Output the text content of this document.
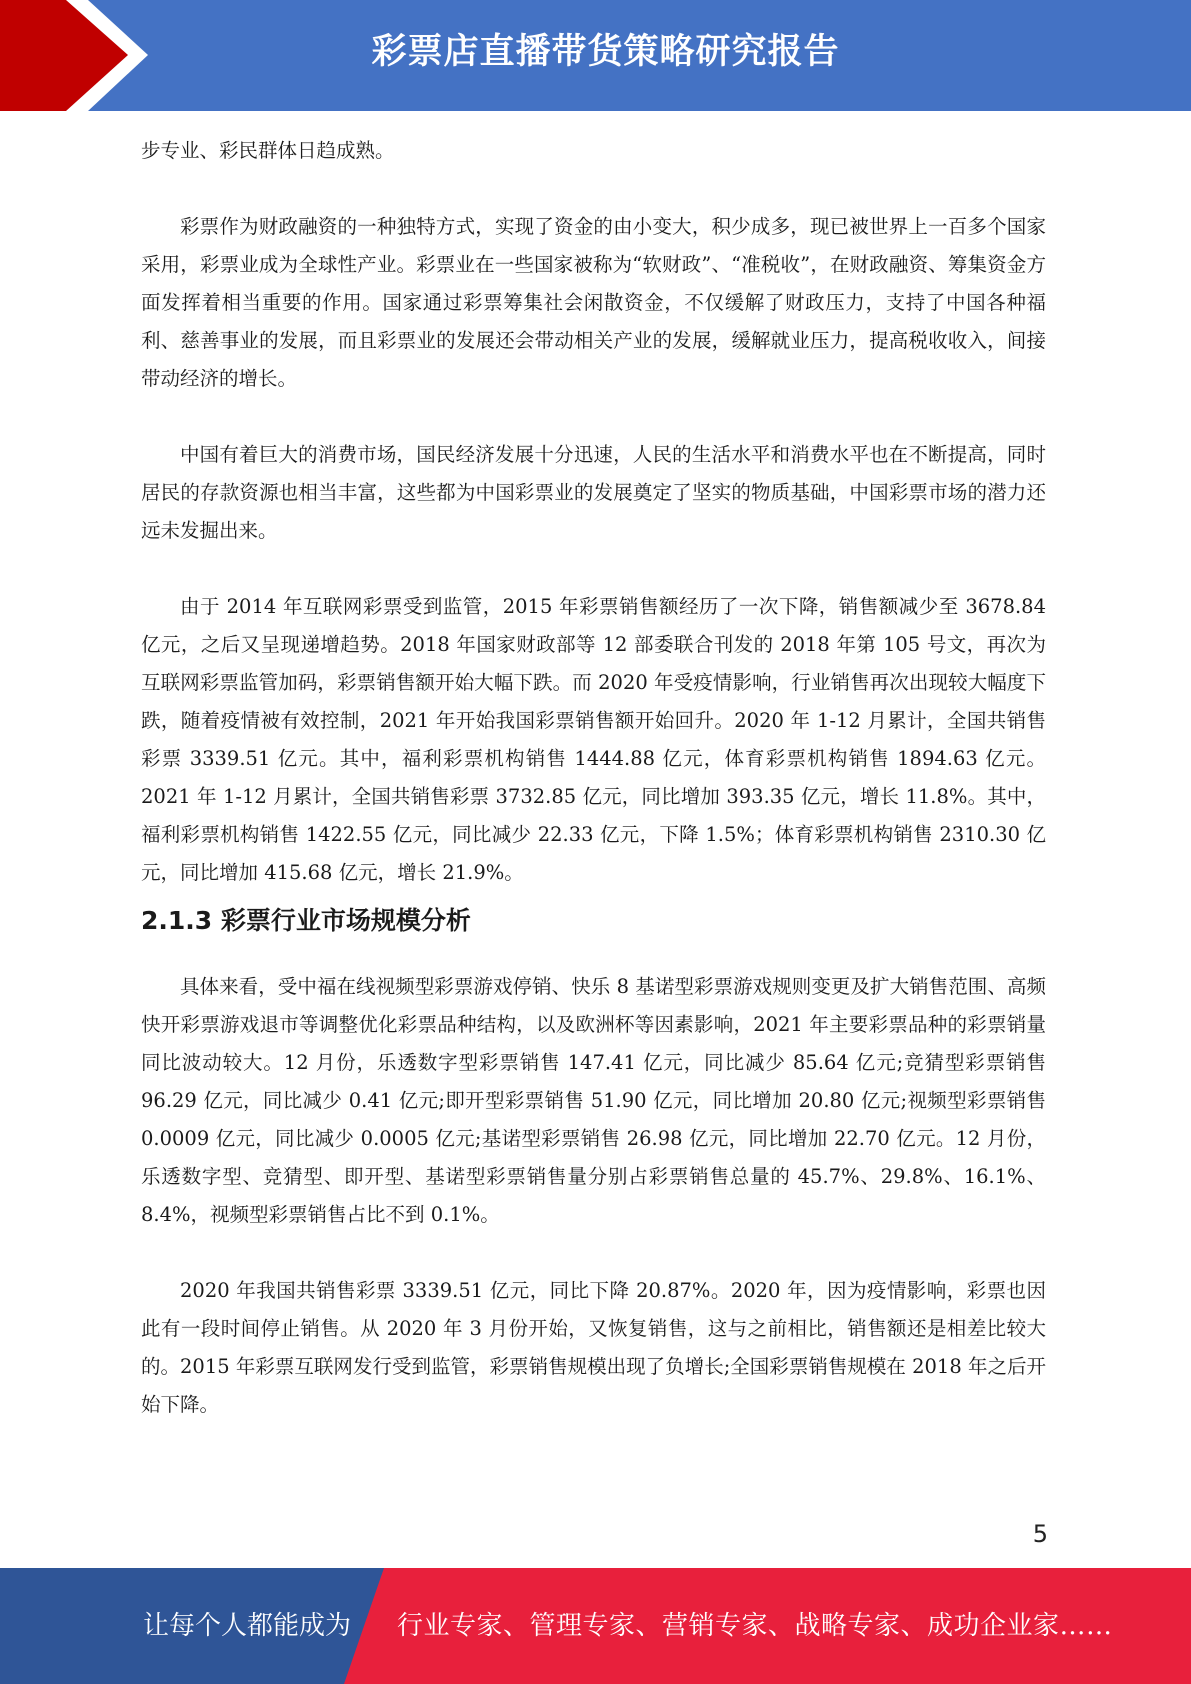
彩票店直播带货策略研究报告

步专业、彩民群体日趋成熟。

彩票作为财政融资的一种独特方式，实现了资金的由小变大，积少成多，现已被世界上一百多个国家采用，彩票业成为全球性产业。彩票业在一些国家被称为“软财政”、“准税收”，在财政融资、筹集资金方面发挥着相当重要的作用。国家通过彩票筹集社会闲散资金，不仅缓解了财政压力，支持了中国各种福利、慈善事业的发展，而且彩票业的发展还会带动相关产业的发展，缓解就业压力，提高税收收入，间接带动经济的增长。

中国有着巨大的消费市场，国民经济发展十分迅速，人民的生活水平和消费水平也在不断提高，同时居民的存款资源也相当丰富，这些都为中国彩票业的发展奠定了坚实的物质基础，中国彩票市场的潜力还远未发掘出来。

由于 2014 年互联网彩票受到监管，2015 年彩票销售额经历了一次下降，销售额减少至 3678.84 亿元，之后又呈现递增趋势。2018 年国家财政部等 12 部委联合刊发的 2018 年第 105 号文，再次为互联网彩票监管加码，彩票销售额开始大幅下跌。而 2020 年受疫情影响，行业销售再次出现较大幅度下跌，随着疫情被有效控制，2021 年开始我国彩票销售额开始回升。2020 年 1-12 月累计，全国共销售彩票 3339.51 亿元。其中，福利彩票机构销售 1444.88 亿元，体育彩票机构销售 1894.63 亿元。2021 年 1-12 月累计，全国共销售彩票 3732.85 亿元，同比增加 393.35 亿元，增长 11.8%。其中，福利彩票机构销售 1422.55 亿元，同比减少 22.33 亿元，下降 1.5%；体育彩票机构销售 2310.30 亿元，同比增加 415.68 亿元，增长 21.9%。

2.1.3 彩票行业市场规模分析

具体来看，受中福在线视频型彩票游戏停销、快乐 8 基诺型彩票游戏规则变更及扩大销售范围、高频快开彩票游戏退市等调整优化彩票品种结构，以及欧洲杯等因素影响，2021 年主要彩票品种的彩票销量同比波动较大。12 月份，乐透数字型彩票销售 147.41 亿元，同比减少 85.64 亿元;竞猜型彩票销售 96.29 亿元，同比减少 0.41 亿元;即开型彩票销售 51.90 亿元，同比增加 20.80 亿元;视频型彩票销售 0.0009 亿元，同比减少 0.0005 亿元;基诺型彩票销售 26.98 亿元，同比增加 22.70 亿元。12 月份，乐透数字型、竞猜型、即开型、基诺型彩票销售量分别占彩票销售总量的 45.7%、29.8%、16.1%、8.4%，视频型彩票销售占比不到 0.1%。

2020 年我国共销售彩票 3339.51 亿元，同比下降 20.87%。2020 年，因为疫情影响，彩票也因此有一段时间停止销售。从 2020 年 3 月份开始，又恢复销售，这与之前相比，销售额还是相差比较大的。2015 年彩票互联网发行受到监管，彩票销售规模出现了负增长;全国彩票销售规模在 2018 年之后开始下降。

5
让每个人都能成为 行业专家、管理专家、营销专家、战略专家、成功企业家……
